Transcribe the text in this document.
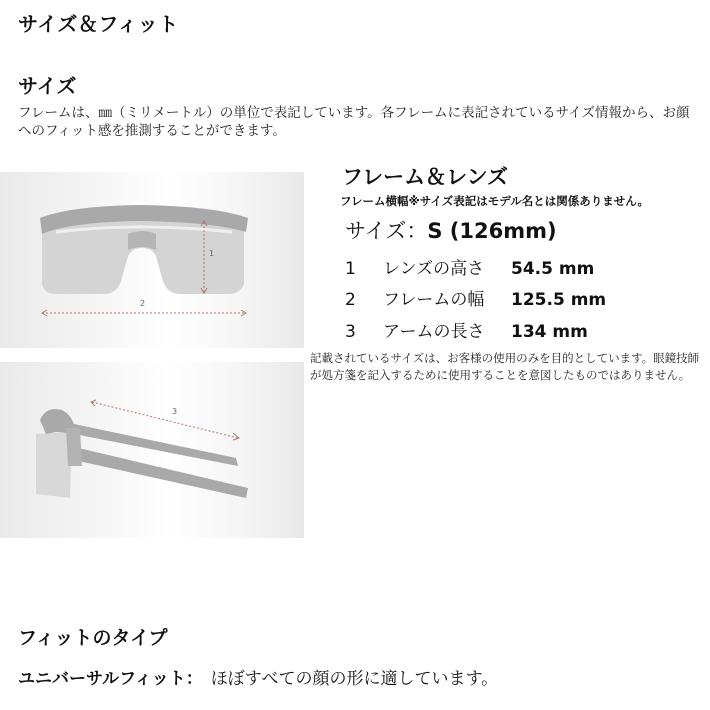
サイズ＆フィット
サイズ
フレームは、㎜（ミリメートル）の単位で表記しています。各フレームに表記されているサイズ情報から、お顔へのフィット感を推測することができます。
1
2
3
フレーム＆レンズ
フレーム横幅※サイズ表記はモデル名とは関係ありません。
サイズ：S (126mm)
1 レンズの高さ 54.5 mm
2 フレームの幅 125.5 mm
3 アームの長さ 134 mm
記載されているサイズは、お客様の使用のみを目的としています。眼鏡技師が処方箋を記入するために使用することを意図したものではありません。
フィットのタイプ
ユニバーサルフィット： ほぼすべての顔の形に適しています。
